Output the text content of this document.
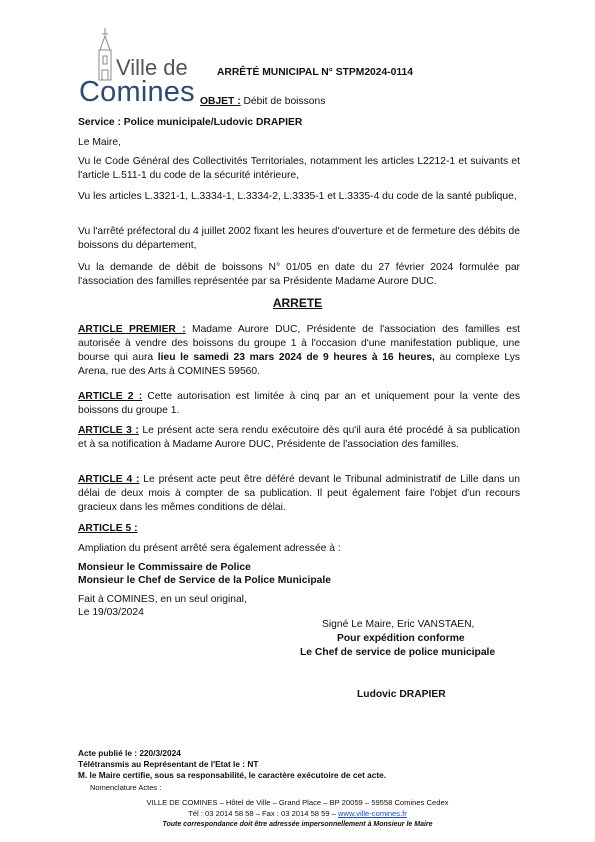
Ville de
Comines
ARRÊTÉ MUNICIPAL N° STPM2024-0114
OBJET : Débit de boissons
Service : Police municipale/Ludovic DRAPIER
Le Maire,
Vu le Code Général des Collectivités Territoriales, notamment les articles L2212-1 et suivants et l'article L.511-1 du code de la sécurité intérieure,
Vu les articles L.3321-1, L.3334-1, L.3334-2, L.3335-1 et L.3335-4 du code de la santé publique,
Vu l'arrêté préfectoral du 4 juillet 2002 fixant les heures d'ouverture et de fermeture des débits de boissons du département,
Vu la demande de débit de boissons N° 01/05 en date du 27 février 2024 formulée par l'association des familles représentée par sa Présidente Madame Aurore DUC.
ARRETE
ARTICLE PREMIER : Madame Aurore DUC, Présidente de l'association des familles est autorisée à vendre des boissons du groupe 1 à l'occasion d'une manifestation publique, une bourse qui aura lieu le samedi 23 mars 2024 de 9 heures à 16 heures, au complexe Lys Arena, rue des Arts à COMINES 59560.
ARTICLE 2 : Cette autorisation est limitée à cinq par an et uniquement pour la vente des boissons du groupe 1.
ARTICLE 3 : Le présent acte sera rendu exécutoire dès qu'il aura été procédé à sa publication et à sa notification à Madame Aurore DUC, Présidente de l'association des familles.
ARTICLE 4 : Le présent acte peut être déféré devant le Tribunal administratif de Lille dans un délai de deux mois à compter de sa publication. Il peut également faire l'objet d'un recours gracieux dans les mêmes conditions de délai.
ARTICLE 5 :
Ampliation du présent arrêté sera également adressée à :
Monsieur le Commissaire de Police
Monsieur le Chef de Service de la Police Municipale
Fait à COMINES, en un seul original,
Le 19/03/2024
Signé Le Maire, Eric VANSTAEN,
Pour expédition conforme
Le Chef de service de police municipale
Ludovic DRAPIER
Acte publié le : 220/3/2024
Télétransmis au Représentant de l'Etat le : NT
M. le Maire certifie, sous sa responsabilité, le caractère exécutoire de cet acte.
Nomenclature Actes :
VILLE DE COMINES – Hôtel de Ville – Grand Place – BP 20059 – 59558 Comines Cedex
Tél : 03 2014 58 58 – Fax : 03 2014 58 59 – www.ville-comines.fr
Toute correspondance doit être adressée impersonnellement à Monsieur le Maire
